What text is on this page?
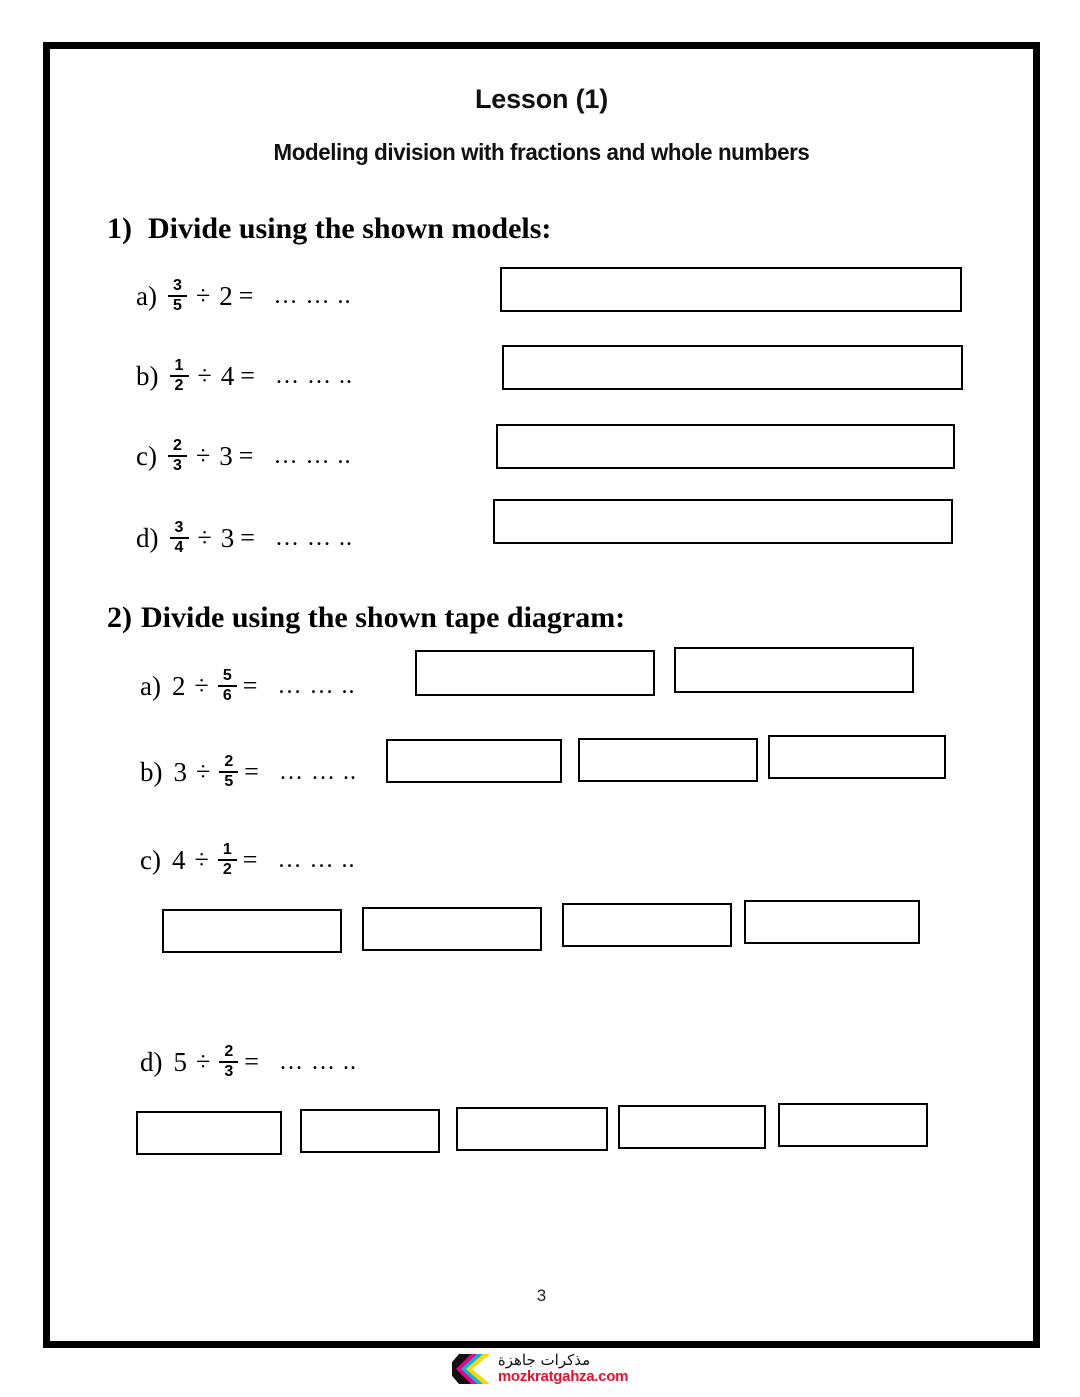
Lesson (1)
Modeling division with fractions and whole numbers
1) Divide using the shown models:
$a) \frac{3}{5} \div 2$ = … … ..
$b) \frac{1}{2} \div 4$ = … … ..
$c) \frac{2}{3} \div 3$ = … … ..
$d) \frac{3}{4} \div 3$ = … … ..
2) Divide using the shown tape diagram:
a) $2 \div \frac{5}{6}$ = … … ..
b) $3 \div \frac{2}{5}$ = … … ..
c) $4 \div \frac{1}{2}$ = … … ..
d) $5 \div \frac{2}{3}$ = … … ..
3
مذكرات جاهزة
mozkratgahza.com
